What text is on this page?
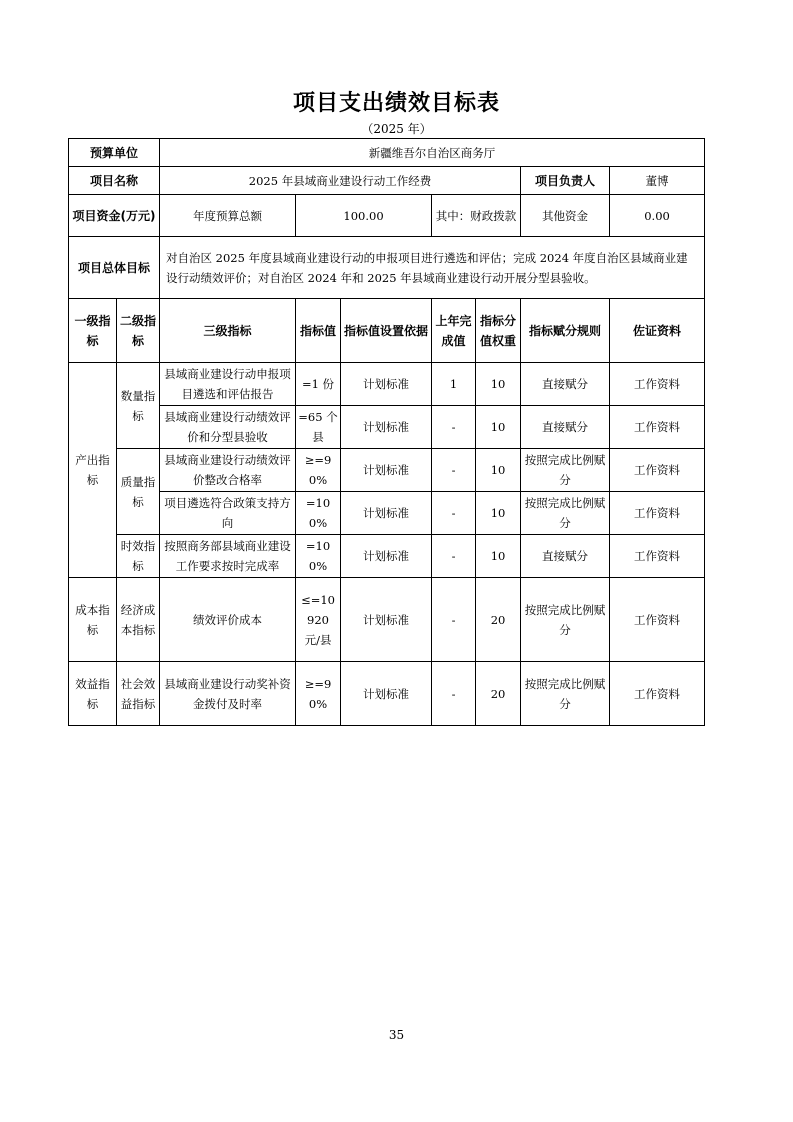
项目支出绩效目标表
（2025 年）
预算单位		新疆维吾尔自治区商务厅						
项目名称		2025 年县域商业建设行动工作经费					项目负责人	董博
项目资金(万元)		年度预算总额	100.00		其中：财政拨款		其他资金	0.00
项目总体目标		对自治区 2025 年度县域商业建设行动的申报项目进行遴选和评估；完成 2024 年度自治区县域商业建设行动绩效评价；对自治区 2024 年和 2025 年县域商业建设行动开展分型县验收。						
一级指标	二级指标	三级指标	指标值	指标值设置依据	上年完成值	指标分值权重	指标赋分规则	佐证资料
产出指标	数量指标	县域商业建设行动申报项目遴选和评估报告	=1 份	计划标准	1	10	直接赋分	工作资料
		县域商业建设行动绩效评价和分型县验收	=65 个县	计划标准	-	10	直接赋分	工作资料
	质量指标	县域商业建设行动绩效评价整改合格率	≥=90%	计划标准	-	10	按照完成比例赋分	工作资料
		项目遴选符合政策支持方向	=100%	计划标准	-	10	按照完成比例赋分	工作资料
	时效指标	按照商务部县域商业建设工作要求按时完成率	=100%	计划标准	-	10	直接赋分	工作资料
成本指标	经济成本指标	绩效评价成本	≤=10920 元/县	计划标准	-	20	按照完成比例赋分	工作资料
效益指标	社会效益指标	县域商业建设行动奖补资金拨付及时率	≥=90%	计划标准	-	20	按照完成比例赋分	工作资料
35
